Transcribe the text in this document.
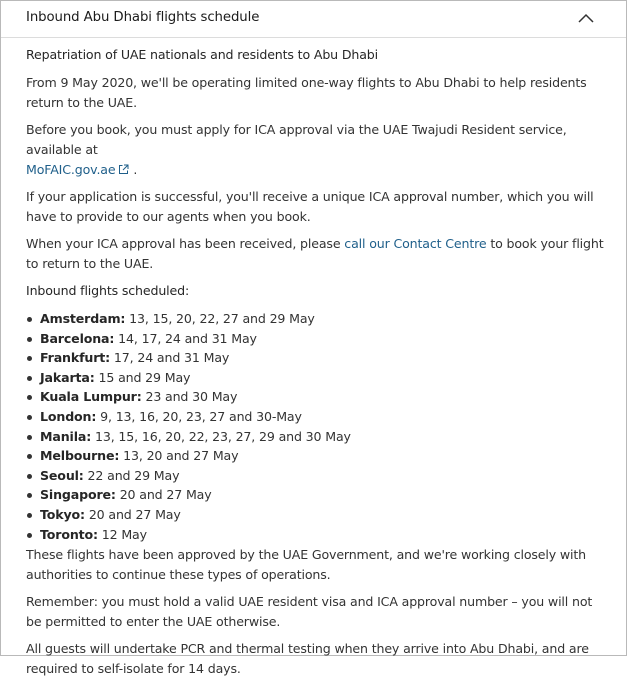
Inbound Abu Dhabi flights schedule

Repatriation of UAE nationals and residents to Abu Dhabi

From 9 May 2020, we'll be operating limited one-way flights to Abu Dhabi to help residents return to the UAE.

Before you book, you must apply for ICA approval via the UAE Twajudi Resident service, available at
MoFAIC.gov.ae .

If your application is successful, you'll receive a unique ICA approval number, which you will have to provide to our agents when you book.

When your ICA approval has been received, please call our Contact Centre to book your flight to return to the UAE.

Inbound flights scheduled:

Amsterdam: 13, 15, 20, 22, 27 and 29 May
Barcelona: 14, 17, 24 and 31 May
Frankfurt: 17, 24 and 31 May
Jakarta: 15 and 29 May
Kuala Lumpur: 23 and 30 May
London: 9, 13, 16, 20, 23, 27 and 30-May
Manila: 13, 15, 16, 20, 22, 23, 27, 29 and 30 May
Melbourne: 13, 20 and 27 May
Seoul: 22 and 29 May
Singapore: 20 and 27 May
Tokyo: 20 and 27 May
Toronto: 12 May

These flights have been approved by the UAE Government, and we're working closely with authorities to continue these types of operations.

Remember: you must hold a valid UAE resident visa and ICA approval number – you will not be permitted to enter the UAE otherwise.

All guests will undertake PCR and thermal testing when they arrive into Abu Dhabi, and are required to self-isolate for 14 days.
